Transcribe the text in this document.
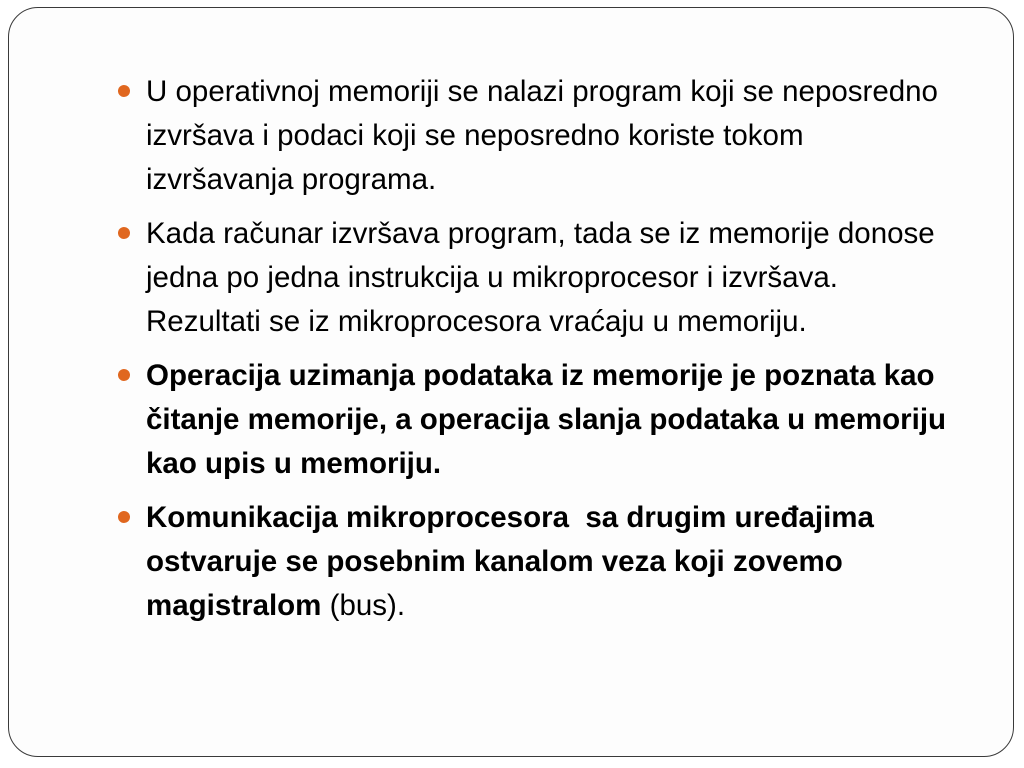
U operativnoj memoriji se nalazi program koji se neposredno izvršava i podaci koji se neposredno koriste tokom izvršavanja programa.
Kada računar izvršava program, tada se iz memorije donose jedna po jedna instrukcija u mikroprocesor i izvršava. Rezultati se iz mikroprocesora vraćaju u memoriju.
Operacija uzimanja podataka iz memorije je poznata kao čitanje memorije, a operacija slanja podataka u memoriju kao upis u memoriju.
Komunikacija mikroprocesora  sa drugim uređajima ostvaruje se posebnim kanalom veza koji zovemo magistralom (bus).
